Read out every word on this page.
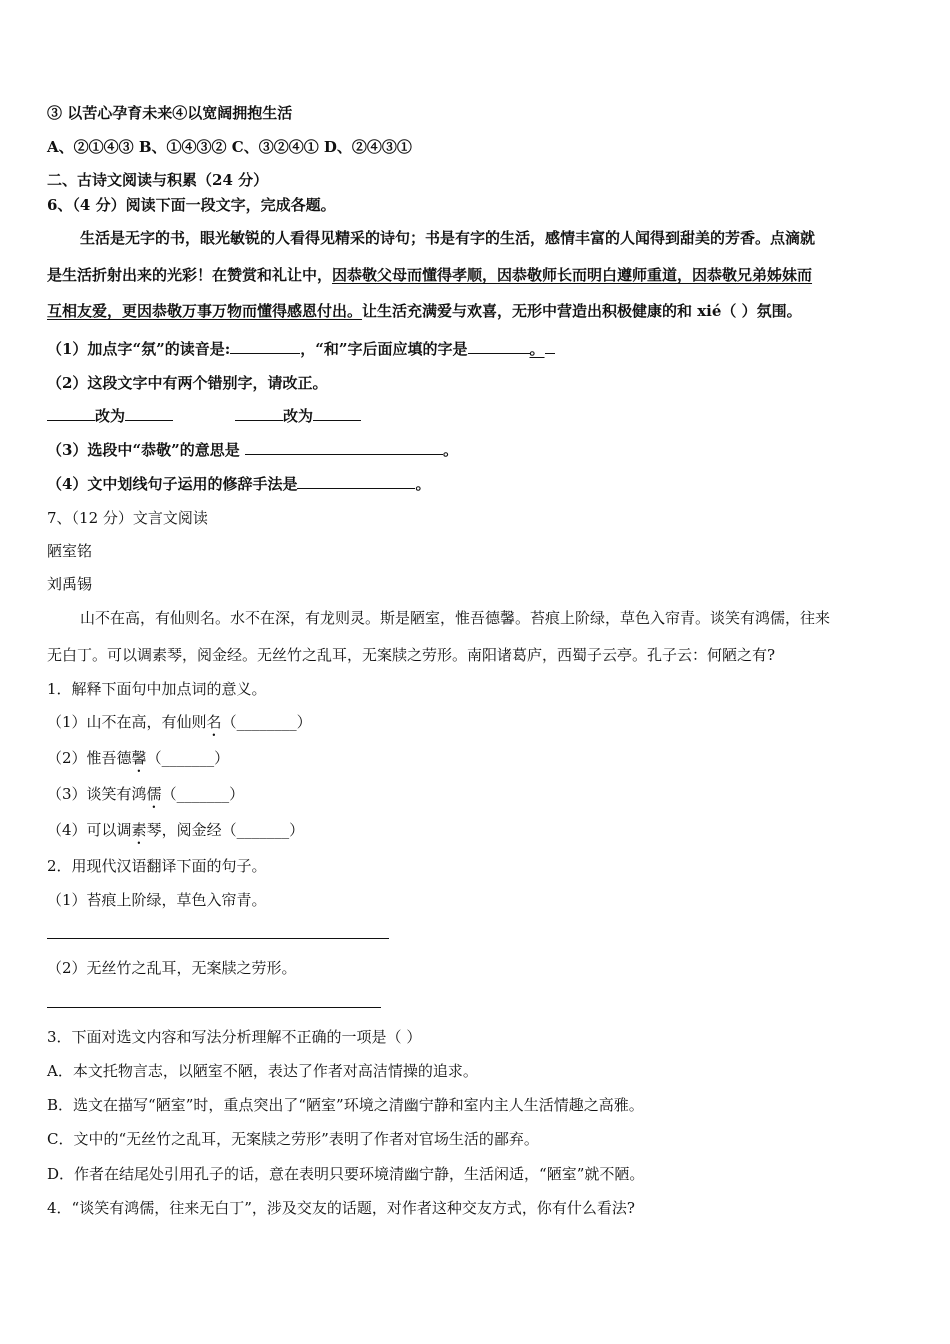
③ 以苦心孕育未来④以宽阔拥抱生活
A、②①④③ B、①④③② C、③②④① D、②④③①
二、古诗文阅读与积累（24 分）
6、（4 分）阅读下面一段文字，完成各题。
生活是无字的书，眼光敏锐的人看得见精采的诗句；书是有字的生活，感情丰富的人闻得到甜美的芳香。点滴就
是生活折射出来的光彩！在赞赏和礼让中，因恭敬父母而懂得孝顺，因恭敬师长而明白遵师重道，因恭敬兄弟姊妹而
互相友爱，更因恭敬万事万物而懂得感恩付出。让生活充满爱与欢喜，无形中营造出积极健康的和 xié（ ）氛围。
（1）加点字“氛”的读音是:	，“和”字后面应填的字是	。
（2）这段文字中有两个错别字，请改正。
改为	改为
（3）选段中“恭敬”的意思是	。
（4）文中划线句子运用的修辞手法是	。
7、（12 分）文言文阅读
陋室铭
刘禹锡
山不在高，有仙则名。水不在深，有龙则灵。斯是陋室，惟吾德馨。苔痕上阶绿，草色入帘青。谈笑有鸿儒，往来
无白丁。可以调素琴，阅金经。无丝竹之乱耳，无案牍之劳形。南阳诸葛庐，西蜀子云亭。孔子云：何陋之有?
1．解释下面句中加点词的意义。
（1）山不在高，有仙则名（________）
（2）惟吾德馨（_______）
（3）谈笑有鸿儒（_______）
（4）可以调素琴，阅金经（_______）
2．用现代汉语翻译下面的句子。
（1）苔痕上阶绿，草色入帘青。
（2）无丝竹之乱耳，无案牍之劳形。
3．下面对选文内容和写法分析理解不正确的一项是（ ）
A．本文托物言志，以陋室不陋，表达了作者对高洁情操的追求。
B．选文在描写“陋室”时，重点突出了“陋室”环境之清幽宁静和室内主人生活情趣之高雅。
C．文中的“无丝竹之乱耳，无案牍之劳形”表明了作者对官场生活的鄙弃。
D．作者在结尾处引用孔子的话，意在表明只要环境清幽宁静，生活闲适，“陋室”就不陋。
4．“谈笑有鸿儒，往来无白丁”，涉及交友的话题，对作者这种交友方式，你有什么看法?
